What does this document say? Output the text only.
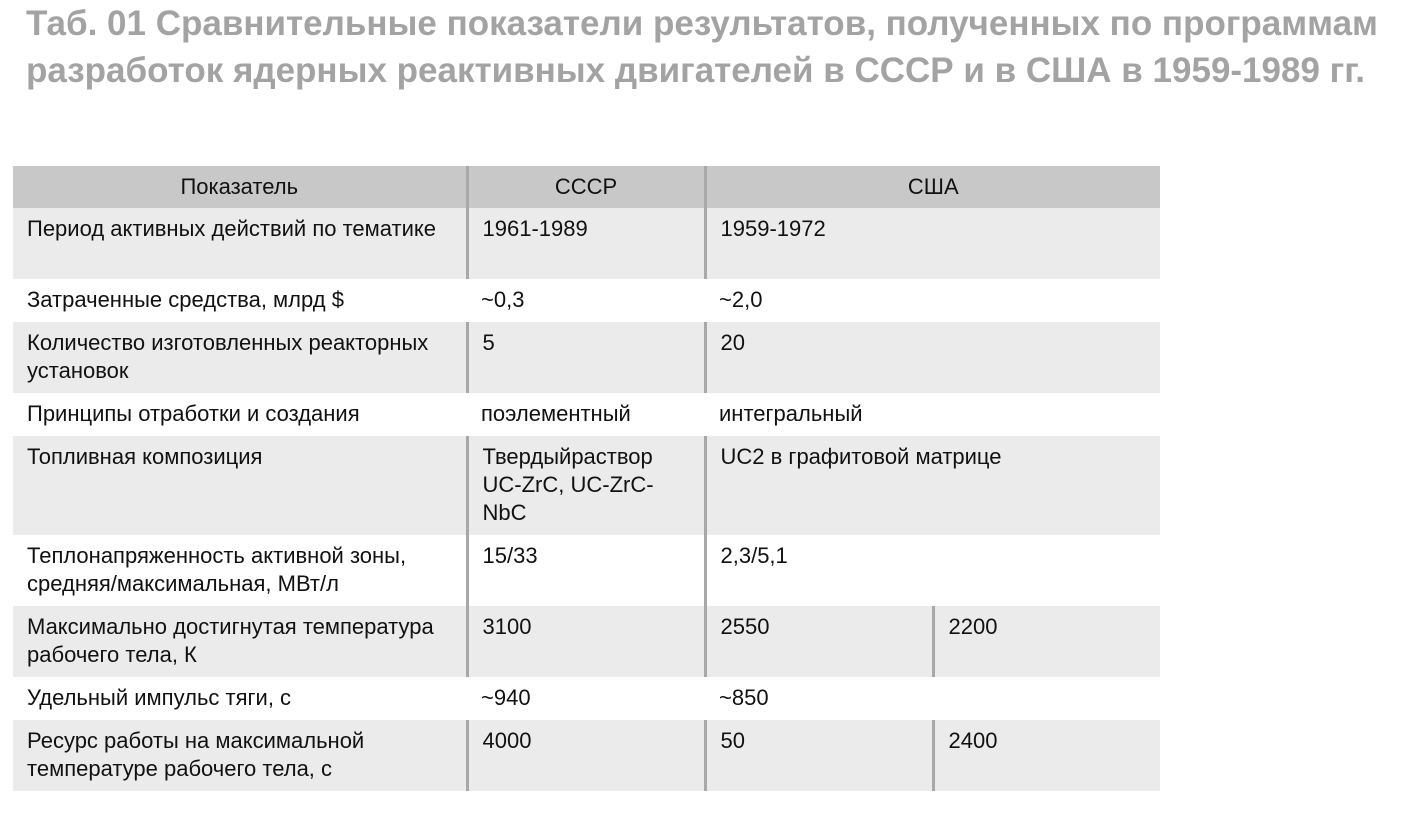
Таб. 01 Сравнительные показатели результатов, полученных по программам разработок ядерных реактивных двигателей в СССР и в США в 1959-1989 гг.
Показатель	СССР	США	

Период активных действий по тематике	1961-1989	1959-1972	
Затраченные средства, млрд $	~0,3	~2,0	

Количество изготовленных реакторных установок	5	20	
Принципы отработки и создания	поэлементный	интегральный	
Топливная композиция	Твердыйраствор UC-ZrC, UC-ZrC-NbC	UC2 в графитовой матрице	
Теплонапряженность активной зоны, средняя/максимальная, МВт/л	15/33	2,3/5,1	

Максимально достигнутая температура рабочего тела, К	3100	2550	2200
Удельный импульс тяги, с	~940	~850	

Ресурс работы на максимальной температуре рабочего тела, с	4000	50	2400
